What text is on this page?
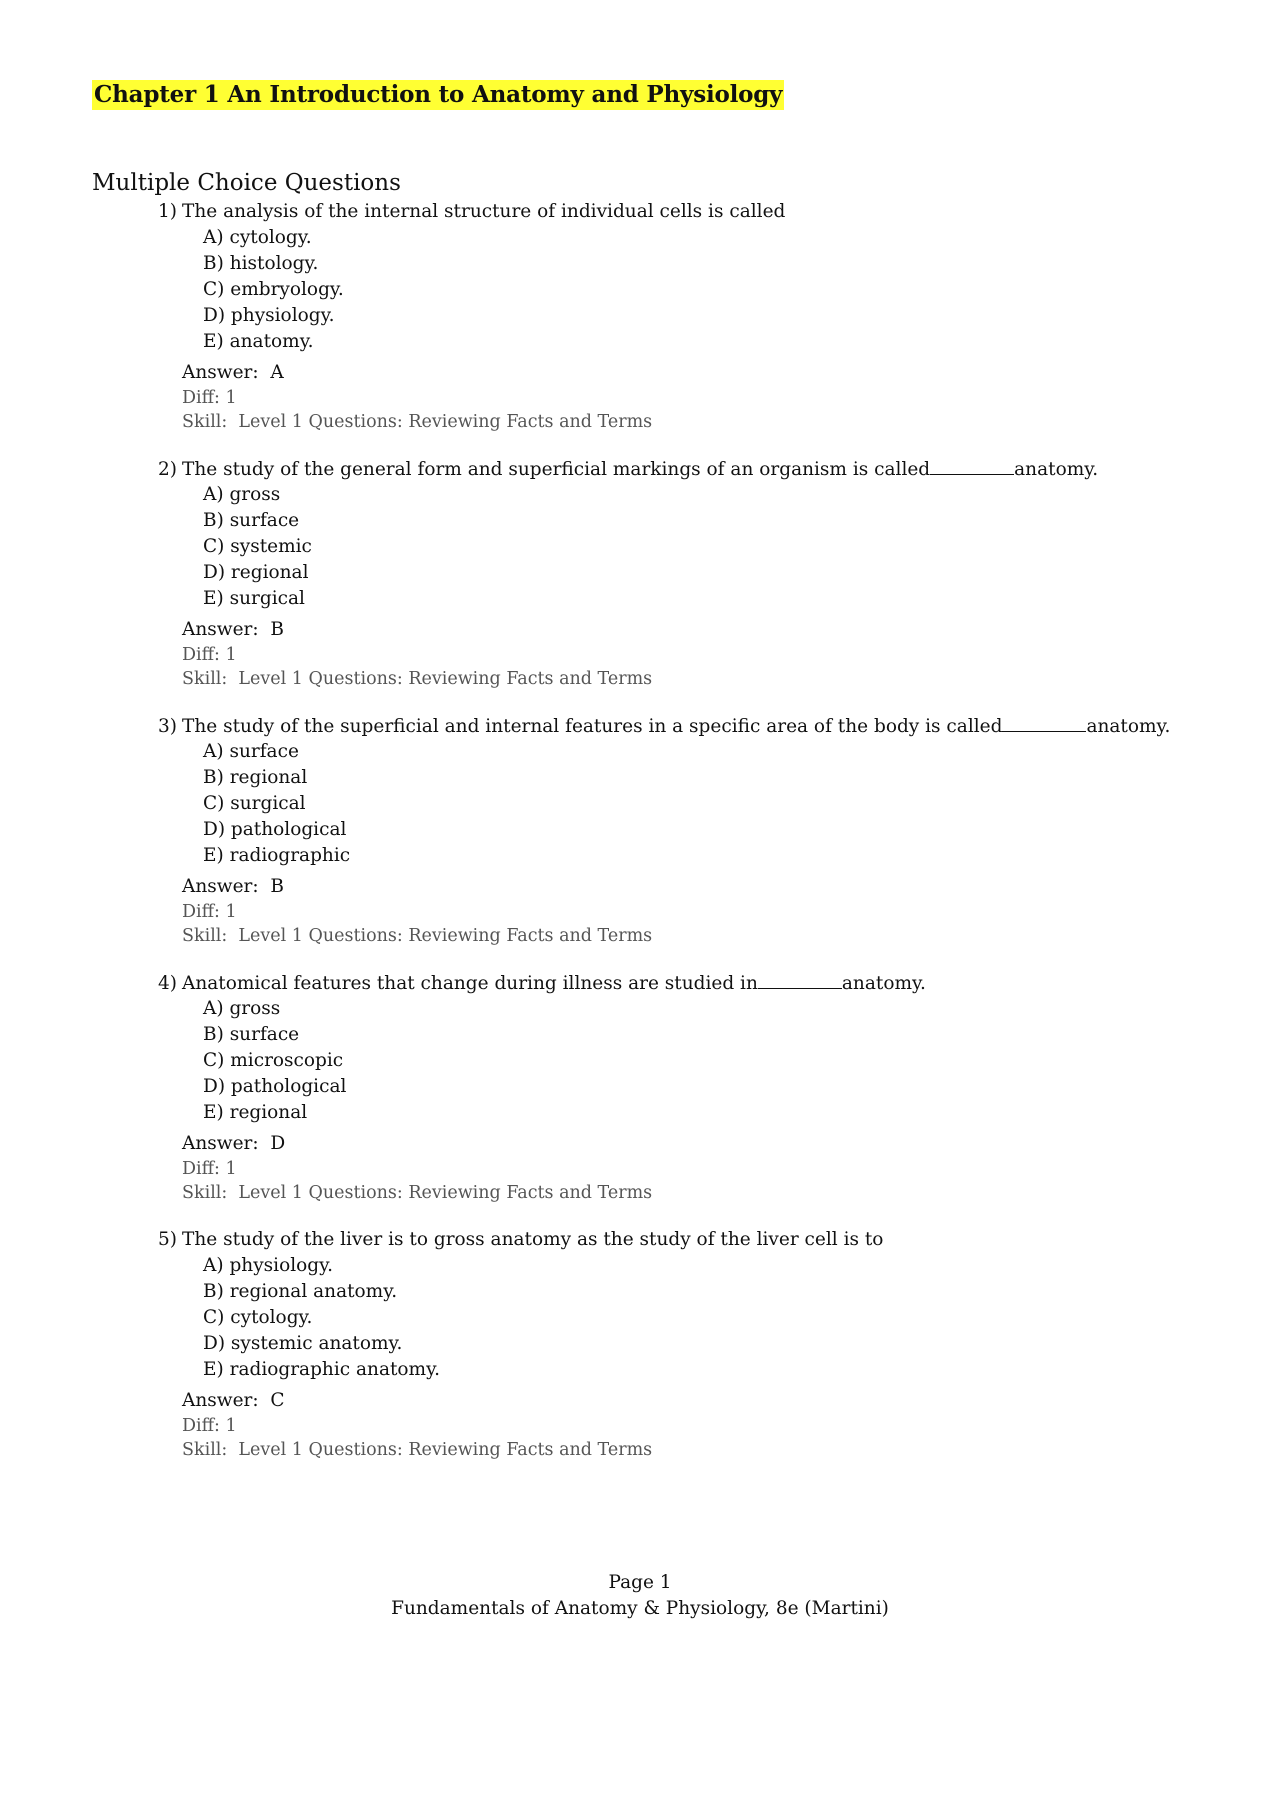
Chapter 1 An Introduction to Anatomy and Physiology
Multiple Choice Questions
1) The analysis of the internal structure of individual cells is called
A) cytology.
B) histology.
C) embryology.
D) physiology.
E) anatomy.
Answer: A
Diff: 1
Skill: Level 1 Questions: Reviewing Facts and Terms
2) The study of the general form and superficial markings of an organism is called	anatomy.
A) gross
B) surface
C) systemic
D) regional
E) surgical
Answer: B
Diff: 1
Skill: Level 1 Questions: Reviewing Facts and Terms
3) The study of the superficial and internal features in a specific area of the body is called	anatomy.
A) surface
B) regional
C) surgical
D) pathological
E) radiographic
Answer: B
Diff: 1
Skill: Level 1 Questions: Reviewing Facts and Terms
4) Anatomical features that change during illness are studied in	anatomy.
A) gross
B) surface
C) microscopic
D) pathological
E) regional
Answer: D
Diff: 1
Skill: Level 1 Questions: Reviewing Facts and Terms
5) The study of the liver is to gross anatomy as the study of the liver cell is to
A) physiology.
B) regional anatomy.
C) cytology.
D) systemic anatomy.
E) radiographic anatomy.
Answer: C
Diff: 1
Skill: Level 1 Questions: Reviewing Facts and Terms
Page 1
Fundamentals of Anatomy & Physiology, 8e (Martini)
